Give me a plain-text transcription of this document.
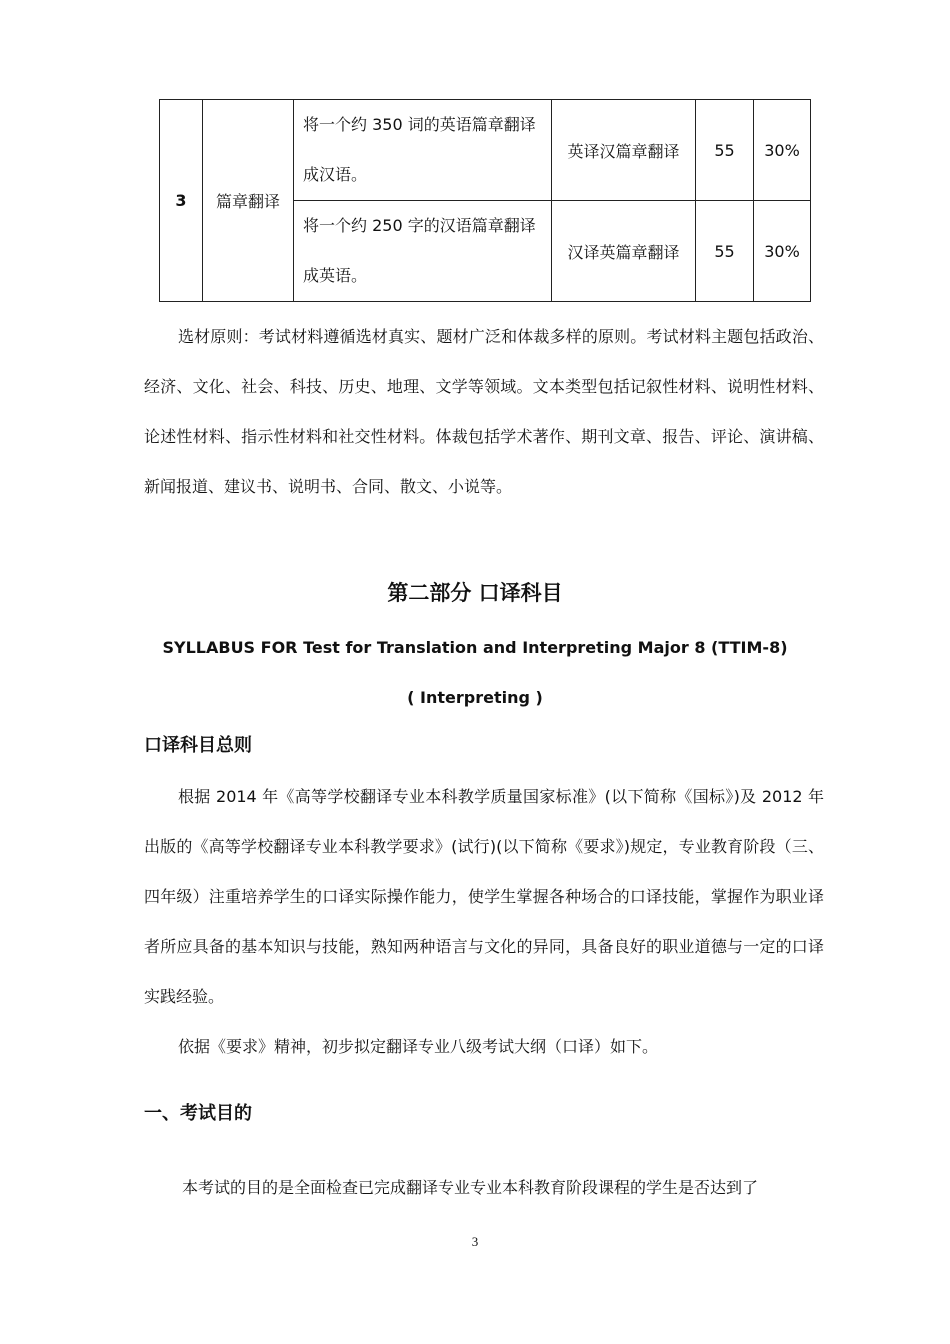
3	篇章翻译	将一个约 350 词的英语篇章翻译成汉语。	英译汉篇章翻译	55	30%
		将一个约 250 字的汉语篇章翻译成英语。	汉译英篇章翻译	55	30%

选材原则：考试材料遵循选材真实、题材广泛和体裁多样的原则。考试材料主题包括政治、经济、文化、社会、科技、历史、地理、文学等领域。文本类型包括记叙性材料、说明性材料、论述性材料、指示性材料和社交性材料。体裁包括学术著作、期刊文章、报告、评论、演讲稿、新闻报道、建议书、说明书、合同、散文、小说等。

第二部分 口译科目
SYLLABUS FOR Test for Translation and Interpreting Major 8 (TTIM-8)
( Interpreting )
口译科目总则

根据 2014 年《高等学校翻译专业本科教学质量国家标准》(以下简称《国标》)及 2012 年出版的《高等学校翻译专业本科教学要求》(试行)(以下简称《要求》)规定，专业教育阶段（三、四年级）注重培养学生的口译实际操作能力，使学生掌握各种场合的口译技能，掌握作为职业译者所应具备的基本知识与技能，熟知两种语言与文化的异同，具备良好的职业道德与一定的口译实践经验。

依据《要求》精神，初步拟定翻译专业八级考试大纲（口译）如下。

一、考试目的

本考试的目的是全面检查已完成翻译专业专业本科教育阶段课程的学生是否达到了

3
